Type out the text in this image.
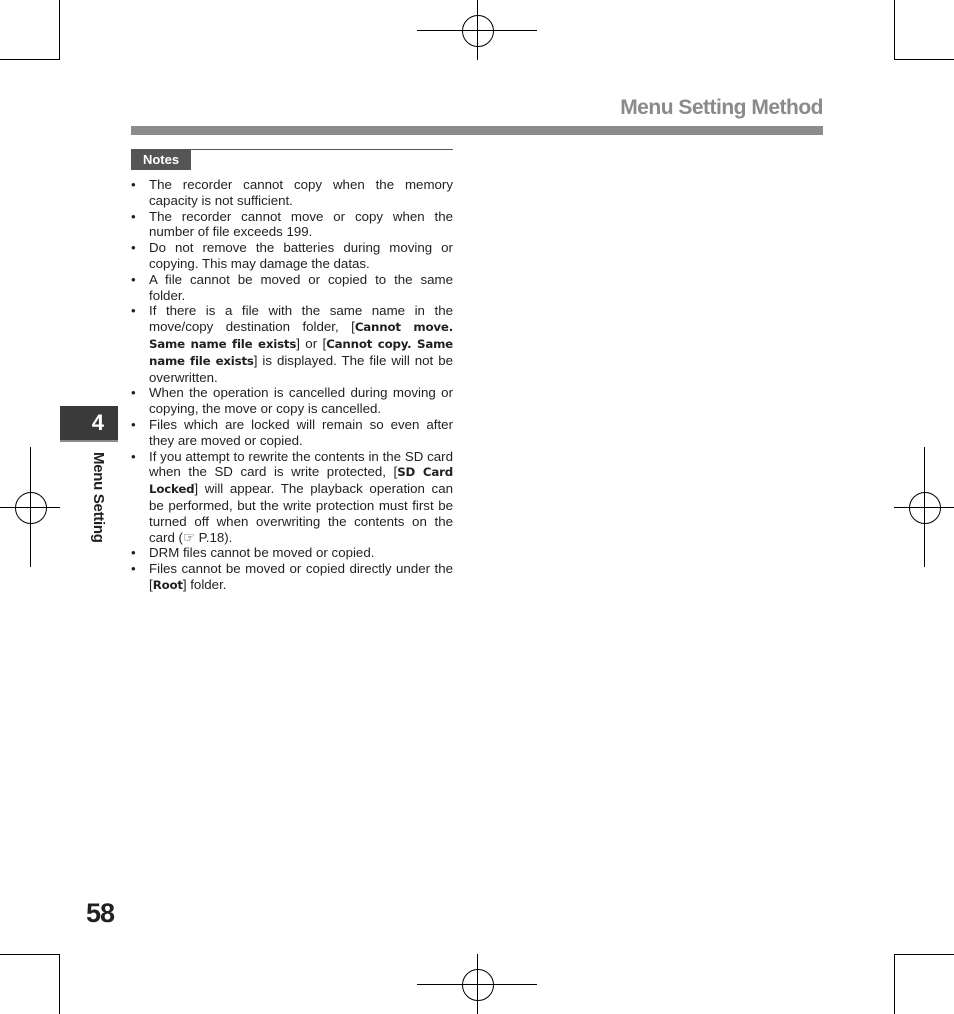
Menu Setting Method
Notes
• The recorder cannot copy when the memory capacity is not sufficient.
• The recorder cannot move or copy when the number of file exceeds 199.
• Do not remove the batteries during moving or copying. This may damage the datas.
• A file cannot be moved or copied to the same folder.
• If there is a file with the same name in the move/copy destination folder, [Cannot move. Same name file exists] or [Cannot copy. Same name file exists] is displayed. The file will not be overwritten.
• When the operation is cancelled during moving or copying, the move or copy is cancelled.
• Files which are locked will remain so even after they are moved or copied.
• If you attempt to rewrite the contents in the SD card when the SD card is write protected, [SD Card Locked] will appear. The playback operation can be performed, but the write protection must first be turned off when overwriting the contents on the card (☞ P.18).
• DRM files cannot be moved or copied.
• Files cannot be moved or copied directly under the [Root] folder.
4
Menu Setting
58
